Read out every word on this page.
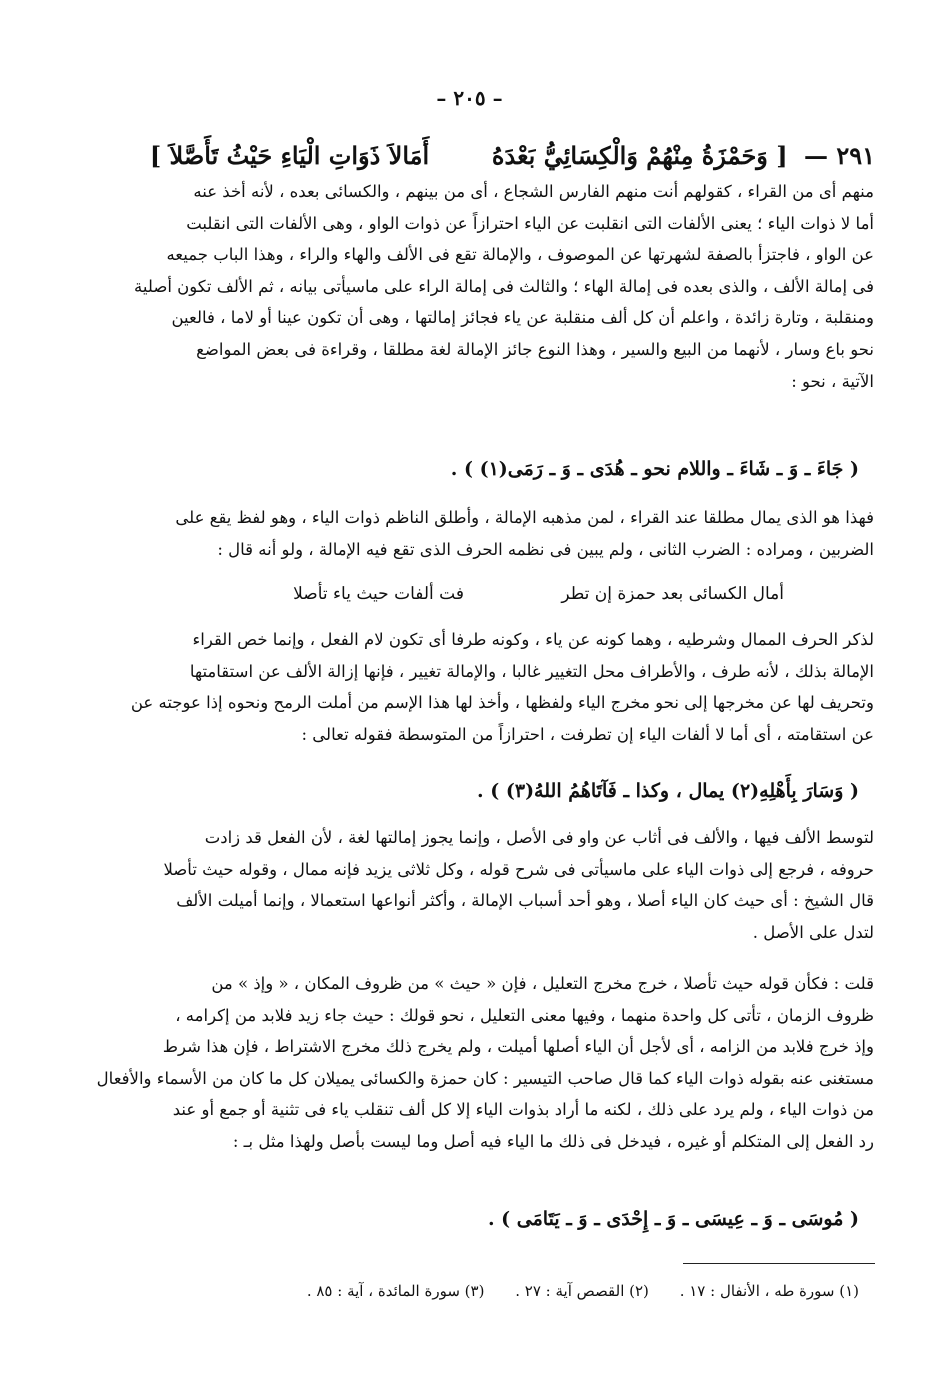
– ٢٠٥ –
٢٩١ — [ وَحَمْزَةُ مِنْهُمْ وَالْكِسَائِيُّ بَعْدَهُ  أَمَالاَ ذَوَاتِ الْيَاءِ حَيْثُ تَأَصَّلاَ ]

منهم أى من القراء ، كقولهم أنت منهم الفارس الشجاع ، أى من بينهم ، والكسائى بعده ، لأنه أخذ عنه

أما لا ذوات الياء ؛ يعنى الألفات التى انقلبت عن الياء احترازاً عن ذوات الواو ، وهى الألفات التى انقلبت

عن الواو ، فاجتزأ بالصفة لشهرتها عن الموصوف ، والإمالة تقع فى الألف والهاء والراء ، وهذا الباب جميعه

فى إمالة الألف ، والذى بعده فى إمالة الهاء ؛ والثالث فى إمالة الراء على ماسيأتى بيانه ، ثم الألف تكون أصلية

ومنقلبة ، وتارة زائدة ، واعلم أن كل ألف منقلبة عن ياء فجائز إمالتها ، وهى أن تكون عينا أو لاما ، فالعين

نحو باع وسار ، لأنهما من البيع والسير ، وهذا النوع جائز الإمالة لغة مطلقا ، وقراءة فى بعض المواضع

الآتية ، نحو :

( جَاءَ ـ وَ ـ شَاءَ ـ واللام نحو ـ هُدَى ـ وَ ـ رَمَى(١) ) .

فهذا هو الذى يمال مطلقا عند القراء ، لمن مذهبه الإمالة ، وأطلق الناظم ذوات الياء ، وهو لفظ يقع على

الضربين ، ومراده : الضرب الثانى ، ولم يبين فى نظمه الحرف الذى تقع فيه الإمالة ، ولو أنه قال :

أمال الكسائى بعد حمزة إن تطر
فت ألفات حيث ياء تأصلا

لذكر الحرف الممال وشرطيه ، وهما كونه عن ياء ، وكونه طرفا أى تكون لام الفعل ، وإنما خص القراء

الإمالة بذلك ، لأنه طرف ، والأطراف محل التغيير غالبا ، والإمالة تغيير ، فإنها إزالة الألف عن استقامتها

وتحريف لها عن مخرجها إلى نحو مخرج الياء ولفظها ، وأخذ لها هذا الإسم من أملت الرمح ونحوه إذا عوجته عن

عن استقامته ، أى أما لا ألفات الياء إن تطرفت ، احترازاً من المتوسطة فقوله تعالى :

( وَسَارَ بِأَهْلِهِ(٢) يمال ، وكذا ـ فَآتَاهُمُ اللهُ(٣) ) .

لتوسط الألف فيها ، والألف فى أثاب عن واو فى الأصل ، وإنما يجوز إمالتها لغة ، لأن الفعل قد زادت

حروفه ، فرجع إلى ذوات الياء على ماسيأتى فى شرح قوله ، وكل ثلاثى يزيد فإنه ممال ، وقوله حيث تأصلا

قال الشيخ : أى حيث كان الياء أصلا ، وهو أحد أسباب الإمالة ، وأكثر أنواعها استعمالا ، وإنما أميلت الألف

لتدل على الأصل .

قلت : فكأن قوله حيث تأصلا ، خرج مخرج التعليل ، فإن « حيث » من ظروف المكان ، « وإذ » من

ظروف الزمان ، تأتى كل واحدة منهما ، وفيها معنى التعليل ، نحو قولك : حيث جاء زيد فلابد من إكرامه ،

وإذ خرج فلابد من الزامه ، أى لأجل أن الياء أصلها أميلت ، ولم يخرج ذلك مخرج الاشتراط ، فإن هذا شرط

مستغنى عنه بقوله ذوات الياء كما قال صاحب التيسير : كان حمزة والكسائى يميلان كل ما كان من الأسماء والأفعال

من ذوات الياء ، ولم يرد على ذلك ، لكنه ما أراد بذوات الياء إلا كل ألف تنقلب ياء فى تثنية أو جمع أو عند

رد الفعل إلى المتكلم أو غيره ، فيدخل فى ذلك ما الياء فيه أصل وما ليست بأصل ولهذا مثل بـ :

( مُوسَى ـ وَ ـ عِيسَى ـ وَ ـ إِحْدَى ـ وَ ـ يَتَامَى ) .
(١) سورة طه ، الأنفال : ١٧ . (٢) القصص آية : ٢٧ . (٣) سورة المائدة ، آية : ٨٥ .
